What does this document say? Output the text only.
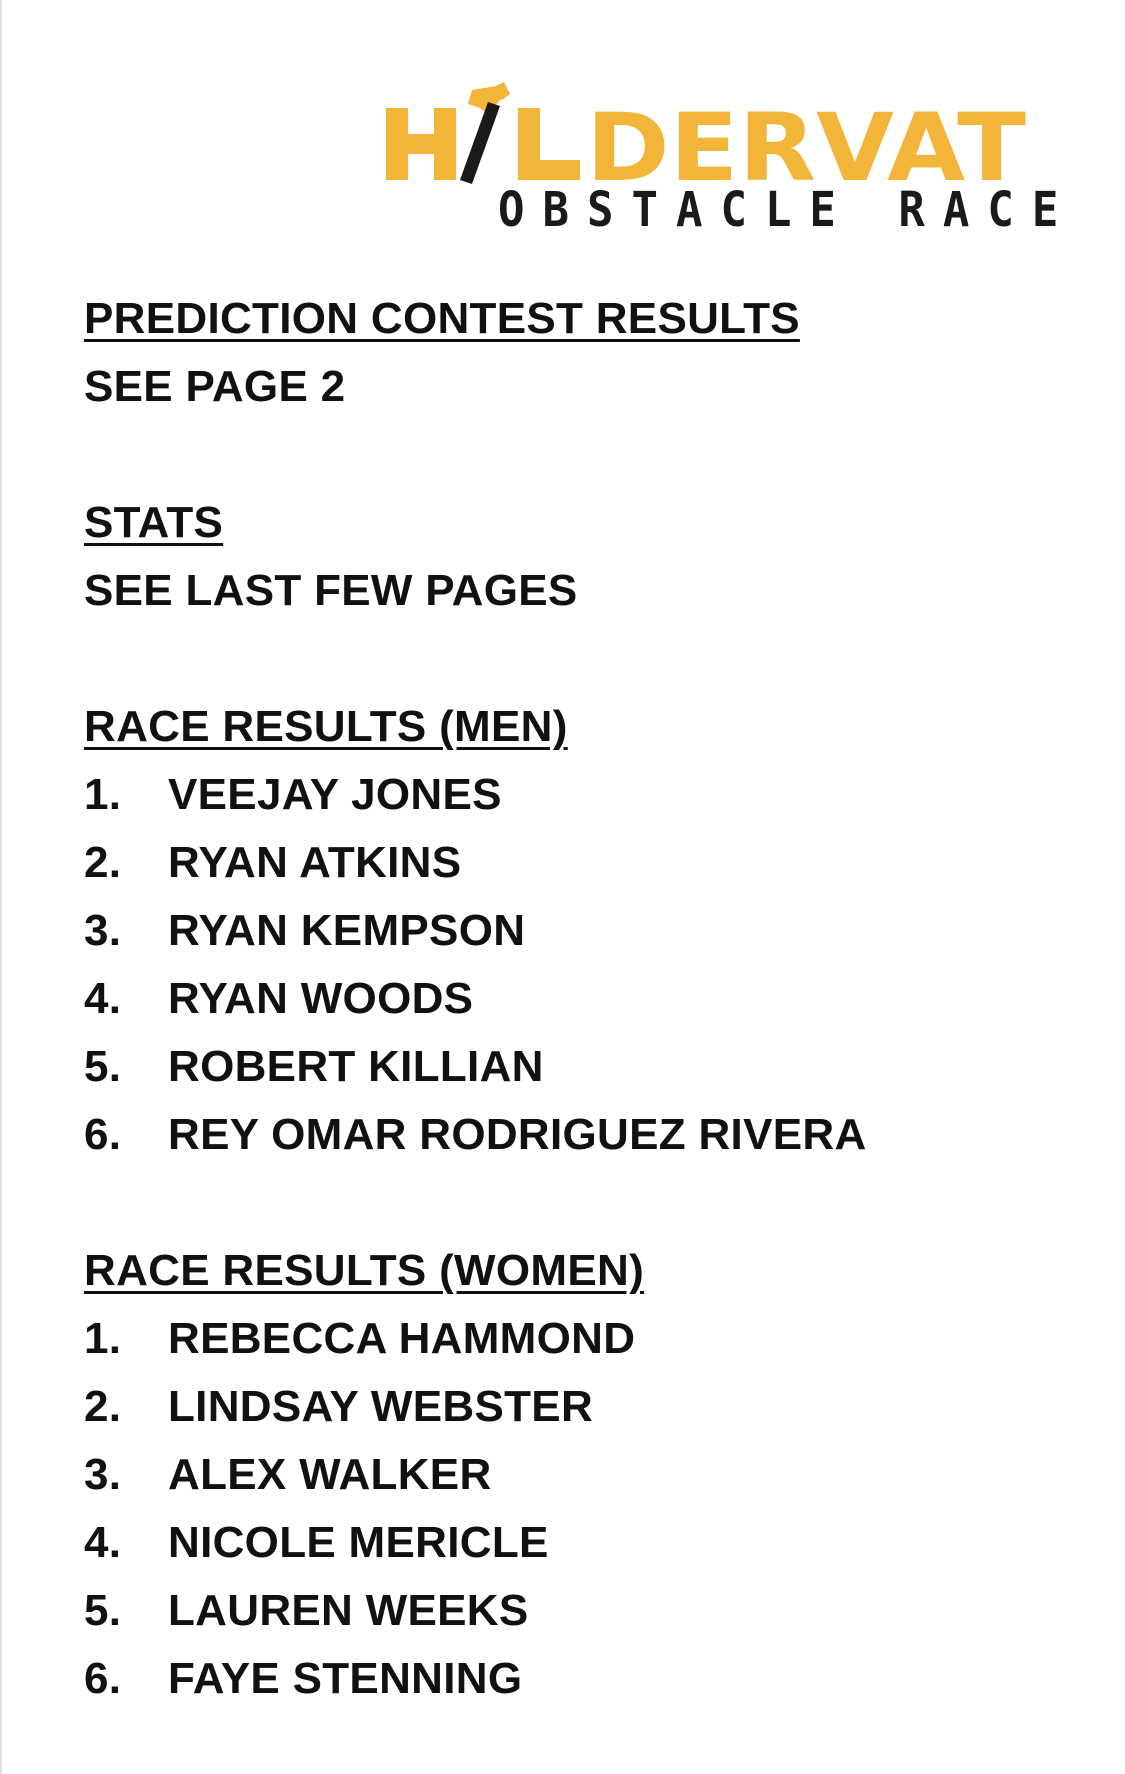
DERVAT
OBSTACLE RACE
PREDICTION CONTEST RESULTS
SEE PAGE 2
STATS
SEE LAST FEW PAGES
RACE RESULTS (MEN)
1.	VEEJAY JONES
2.	RYAN ATKINS
3.	RYAN KEMPSON
4.	RYAN WOODS
5.	ROBERT KILLIAN
6.	REY OMAR RODRIGUEZ RIVERA
RACE RESULTS (WOMEN)
1.	REBECCA HAMMOND
2.	LINDSAY WEBSTER
3.	ALEX WALKER
4.	NICOLE MERICLE
5.	LAUREN WEEKS
6.	FAYE STENNING
